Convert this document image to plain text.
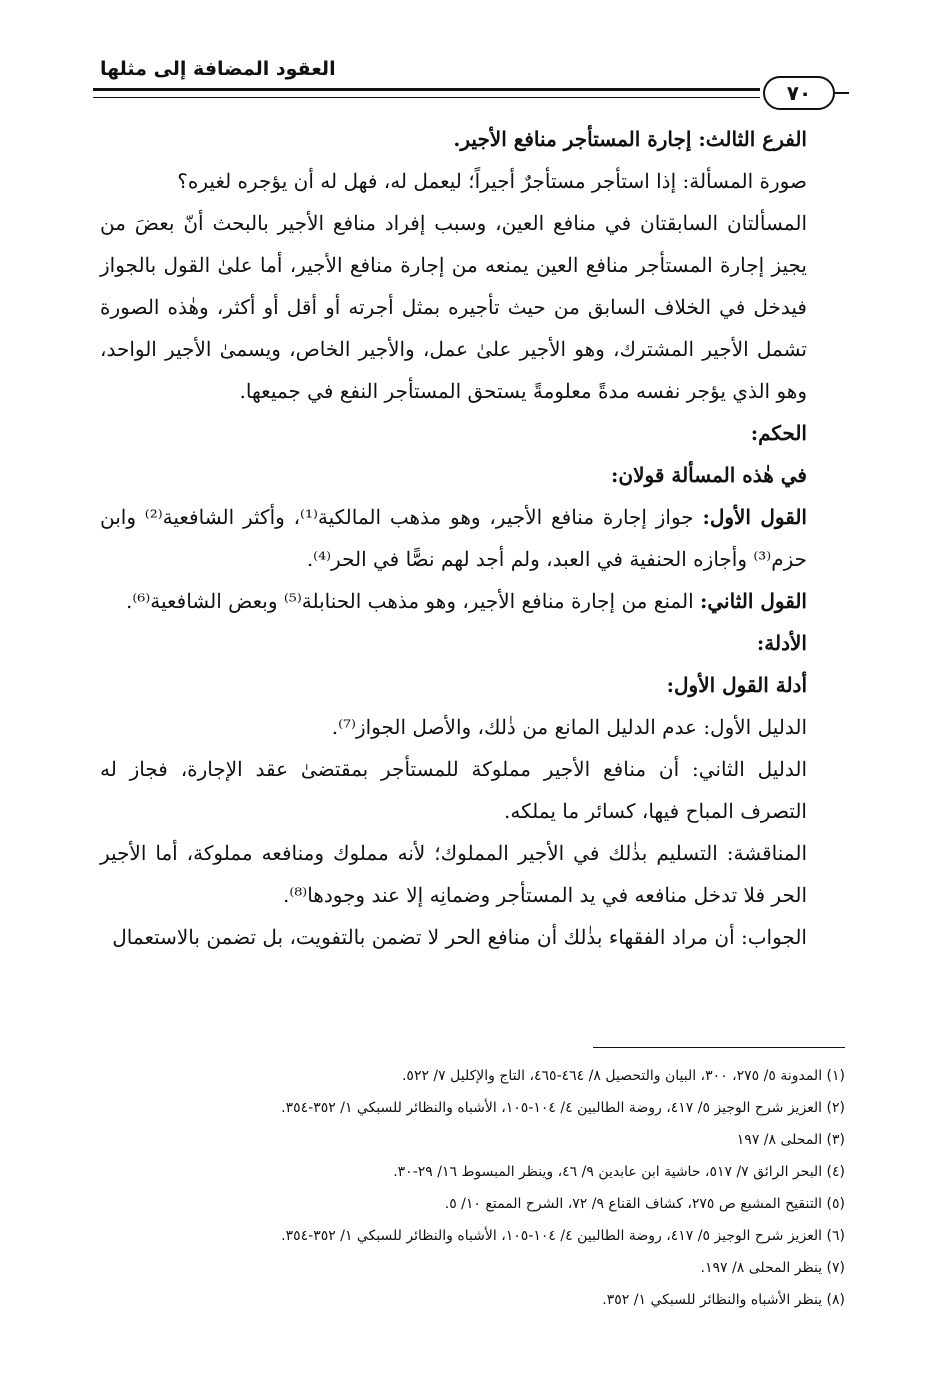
العقود المضافة إلى مثلها
٧٠

الفرع الثالث: إجارة المستأجر منافع الأجير.

صورة المسألة: إذا استأجر مستأجرٌ أجيراً؛ ليعمل له، فهل له أن يؤجره لغيره؟

المسألتان السابقتان في منافع العين، وسبب إفراد منافع الأجير بالبحث أنّ بعضَ من يجيز إجارة المستأجر منافع العين يمنعه من إجارة منافع الأجير، أما علىٰ القول بالجواز فيدخل في الخلاف السابق من حيث تأجيره بمثل أجرته أو أقل أو أكثر، وهٰذه الصورة تشمل الأجير المشترك، وهو الأجير علىٰ عمل، والأجير الخاص، ويسمىٰ الأجير الواحد، وهو الذي يؤجر نفسه مدةً معلومةً يستحق المستأجر النفع في جميعها.

الحكم:

في هٰذه المسألة قولان:

القول الأول: جواز إجارة منافع الأجير، وهو مذهب المالكية⁽¹⁾، وأكثر الشافعية⁽²⁾ وابن حزم⁽³⁾ وأجازه الحنفية في العبد، ولم أجد لهم نصًّا في الحر⁽⁴⁾.

القول الثاني: المنع من إجارة منافع الأجير، وهو مذهب الحنابلة⁽⁵⁾ وبعض الشافعية⁽⁶⁾.

الأدلة:

أدلة القول الأول:

الدليل الأول: عدم الدليل المانع من ذٰلك، والأصل الجواز⁽⁷⁾.

الدليل الثاني: أن منافع الأجير مملوكة للمستأجر بمقتضىٰ عقد الإجارة، فجاز له التصرف المباح فيها، كسائر ما يملكه.

المناقشة: التسليم بذٰلك في الأجير المملوك؛ لأنه مملوك ومنافعه مملوكة، أما الأجير الحر فلا تدخل منافعه في يد المستأجر وضمانِه إلا عند وجودها⁽⁸⁾.

الجواب: أن مراد الفقهاء بذٰلك أن منافع الحر لا تضمن بالتفويت، بل تضمن بالاستعمال

(١) المدونة ٥/ ٢٧٥، ٣٠٠، البيان والتحصيل ٨/ ٤٦٤-٤٦٥، التاج والإكليل ٧/ ٥٢٢.

(٢) العزيز شرح الوجيز ٥/ ٤١٧، روضة الطالبين ٤/ ١٠٤-١٠٥، الأشباه والنظائر للسبكي ١/ ٣٥٢-٣٥٤.

(٣) المحلى ٨/ ١٩٧

(٤) البحر الرائق ٧/ ٥١٧، حاشية ابن عابدين ٩/ ٤٦، وينظر المبسوط ١٦/ ٢٩-٣٠.

(٥) التنقيح المشبع ص ٢٧٥، كشاف القناع ٩/ ٧٢، الشرح الممتع ١٠/ ٥.

(٦) العزيز شرح الوجيز ٥/ ٤١٧، روضة الطالبين ٤/ ١٠٤-١٠٥، الأشباه والنظائر للسبكي ١/ ٣٥٢-٣٥٤.

(٧) ينظر المحلى ٨/ ١٩٧.

(٨) ينظر الأشباه والنظائر للسبكي ١/ ٣٥٢.
